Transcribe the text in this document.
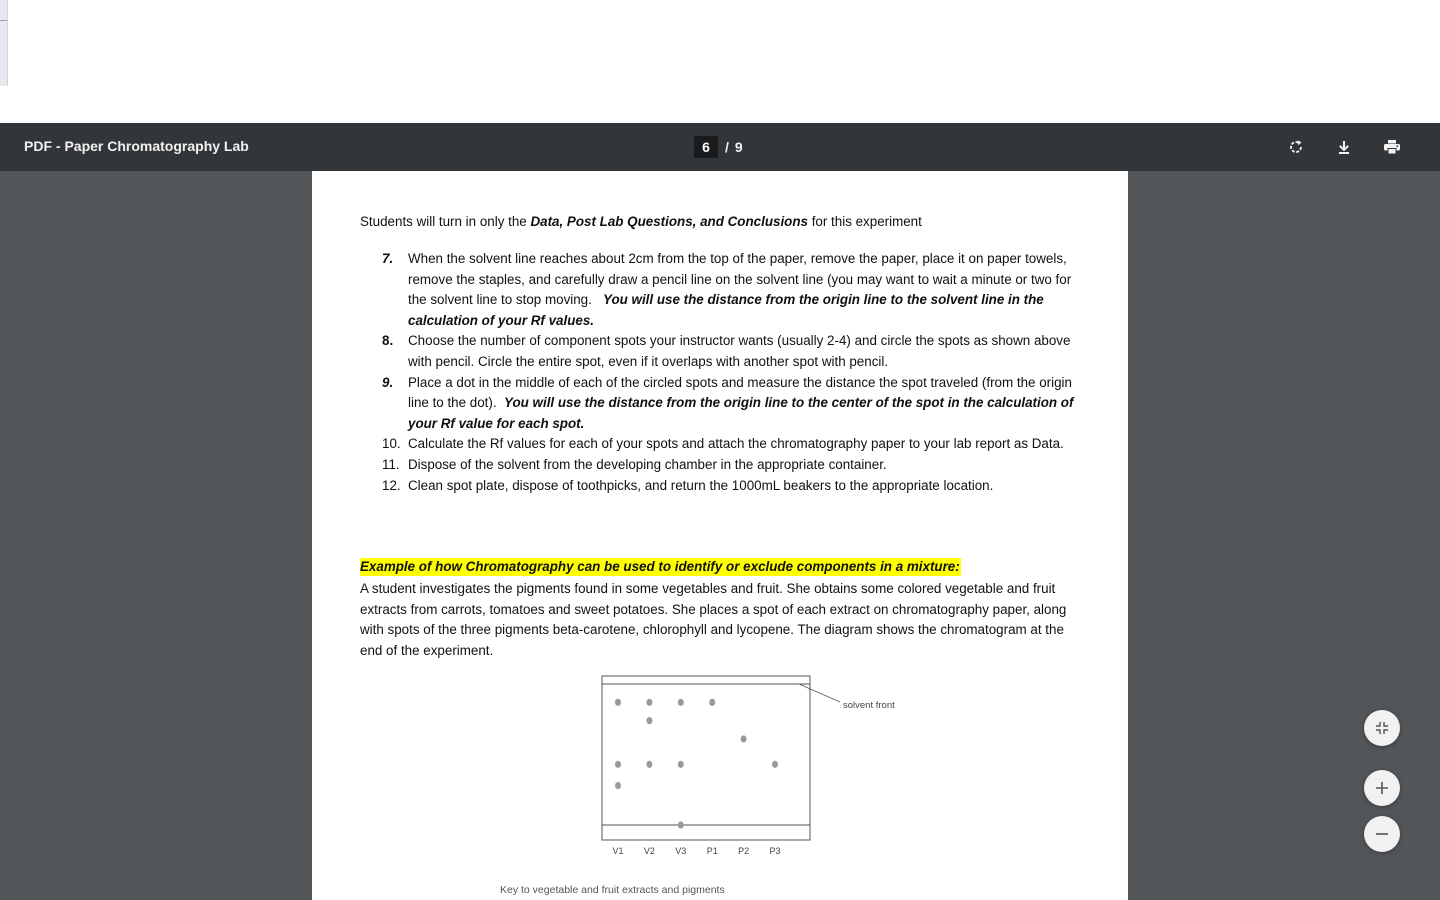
PDF - Paper Chromatography Lab	6	/ 9
Students will turn in only the Data, Post Lab Questions, and Conclusions for this experiment
7.	When the solvent line reaches about 2cm from the top of the paper, remove the paper, place it on paper towels, remove the staples, and carefully draw a pencil line on the solvent line (you may want to wait a minute or two for the solvent line to stop moving. You will use the distance from the origin line to the solvent line in the calculation of your Rf values.
8.	Choose the number of component spots your instructor wants (usually 2-4) and circle the spots as shown above with pencil. Circle the entire spot, even if it overlaps with another spot with pencil.
9.	Place a dot in the middle of each of the circled spots and measure the distance the spot traveled (from the origin line to the dot). You will use the distance from the origin line to the center of the spot in the calculation of your Rf value for each spot.
10. Calculate the Rf values for each of your spots and attach the chromatography paper to your lab report as Data.
11. Dispose of the solvent from the developing chamber in the appropriate container.
12. Clean spot plate, dispose of toothpicks, and return the 1000mL beakers to the appropriate location.
Example of how Chromatography can be used to identify or exclude components in a mixture:
A student investigates the pigments found in some vegetables and fruit. She obtains some colored vegetable and fruit extracts from carrots, tomatoes and sweet potatoes. She places a spot of each extract on chromatography paper, along with spots of the three pigments beta-carotene, chlorophyll and lycopene. The diagram shows the chromatogram at the end of the experiment.
solvent front
V1 V2 V3 P1 P2 P3
Key to vegetable and fruit extracts and pigments
